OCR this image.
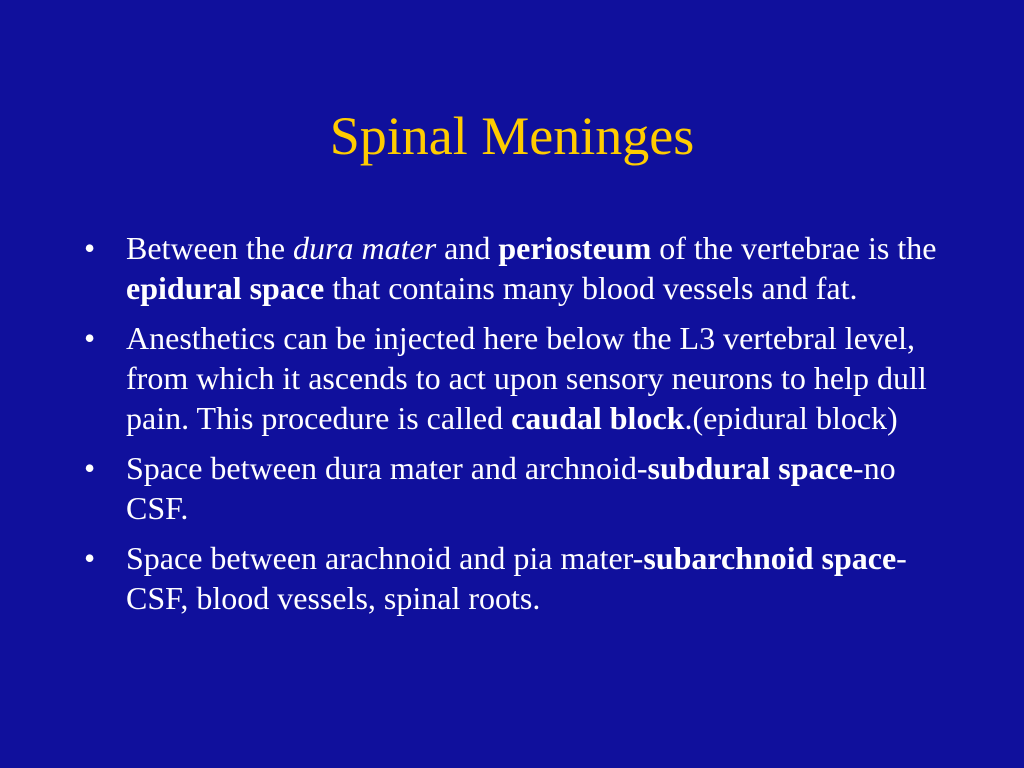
Spinal Meninges
• Between the dura mater and periosteum of the vertebrae is the epidural space that contains many blood vessels and fat.
• Anesthetics can be injected here below the L3 vertebral level, from which it ascends to act upon sensory neurons to help dull pain. This procedure is called caudal block.(epidural block)
• Space between dura mater and archnoid-subdural space-no CSF.
• Space between arachnoid and pia mater-subarchnoid space-CSF, blood vessels, spinal roots.
